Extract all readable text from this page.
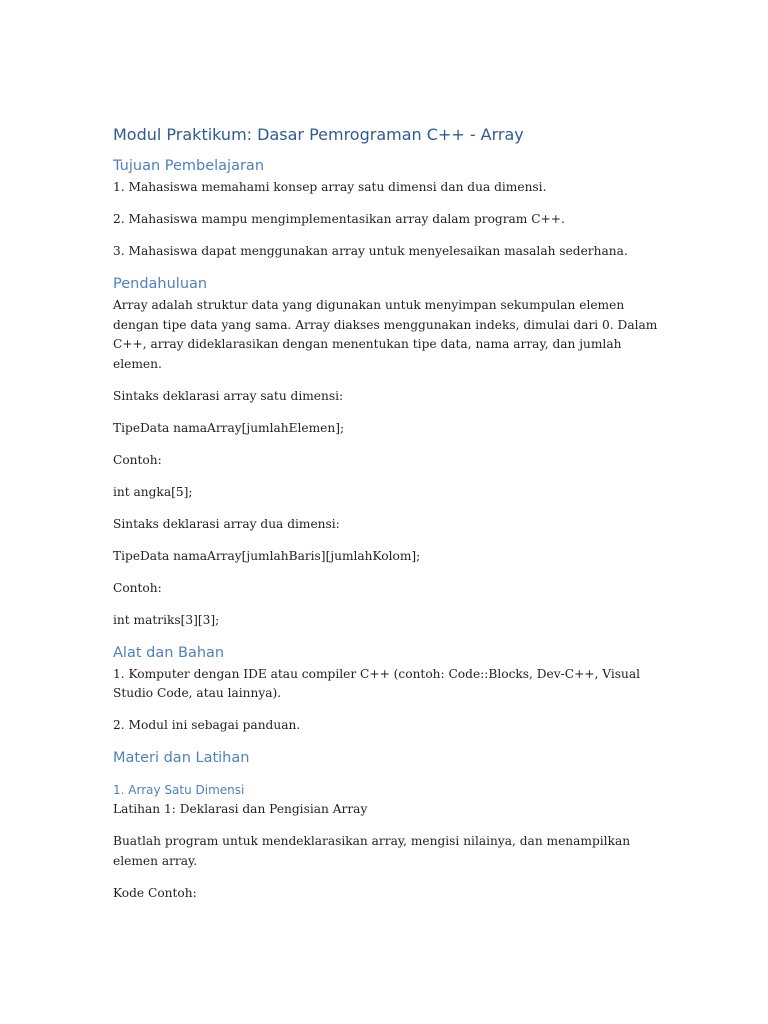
Modul Praktikum: Dasar Pemrograman C++ - Array
Tujuan Pembelajaran
1. Mahasiswa memahami konsep array satu dimensi dan dua dimensi.
2. Mahasiswa mampu mengimplementasikan array dalam program C++.
3. Mahasiswa dapat menggunakan array untuk menyelesaikan masalah sederhana.
Pendahuluan
Array adalah struktur data yang digunakan untuk menyimpan sekumpulan elemen dengan tipe data yang sama. Array diakses menggunakan indeks, dimulai dari 0. Dalam C++, array dideklarasikan dengan menentukan tipe data, nama array, dan jumlah elemen.
Sintaks deklarasi array satu dimensi:
TipeData namaArray[jumlahElemen];
Contoh:
int angka[5];
Sintaks deklarasi array dua dimensi:
TipeData namaArray[jumlahBaris][jumlahKolom];
Contoh:
int matriks[3][3];
Alat dan Bahan
1. Komputer dengan IDE atau compiler C++ (contoh: Code::Blocks, Dev-C++, Visual Studio Code, atau lainnya).
2. Modul ini sebagai panduan.
Materi dan Latihan
1. Array Satu Dimensi
Latihan 1: Deklarasi dan Pengisian Array
Buatlah program untuk mendeklarasikan array, mengisi nilainya, dan menampilkan elemen array.
Kode Contoh:
